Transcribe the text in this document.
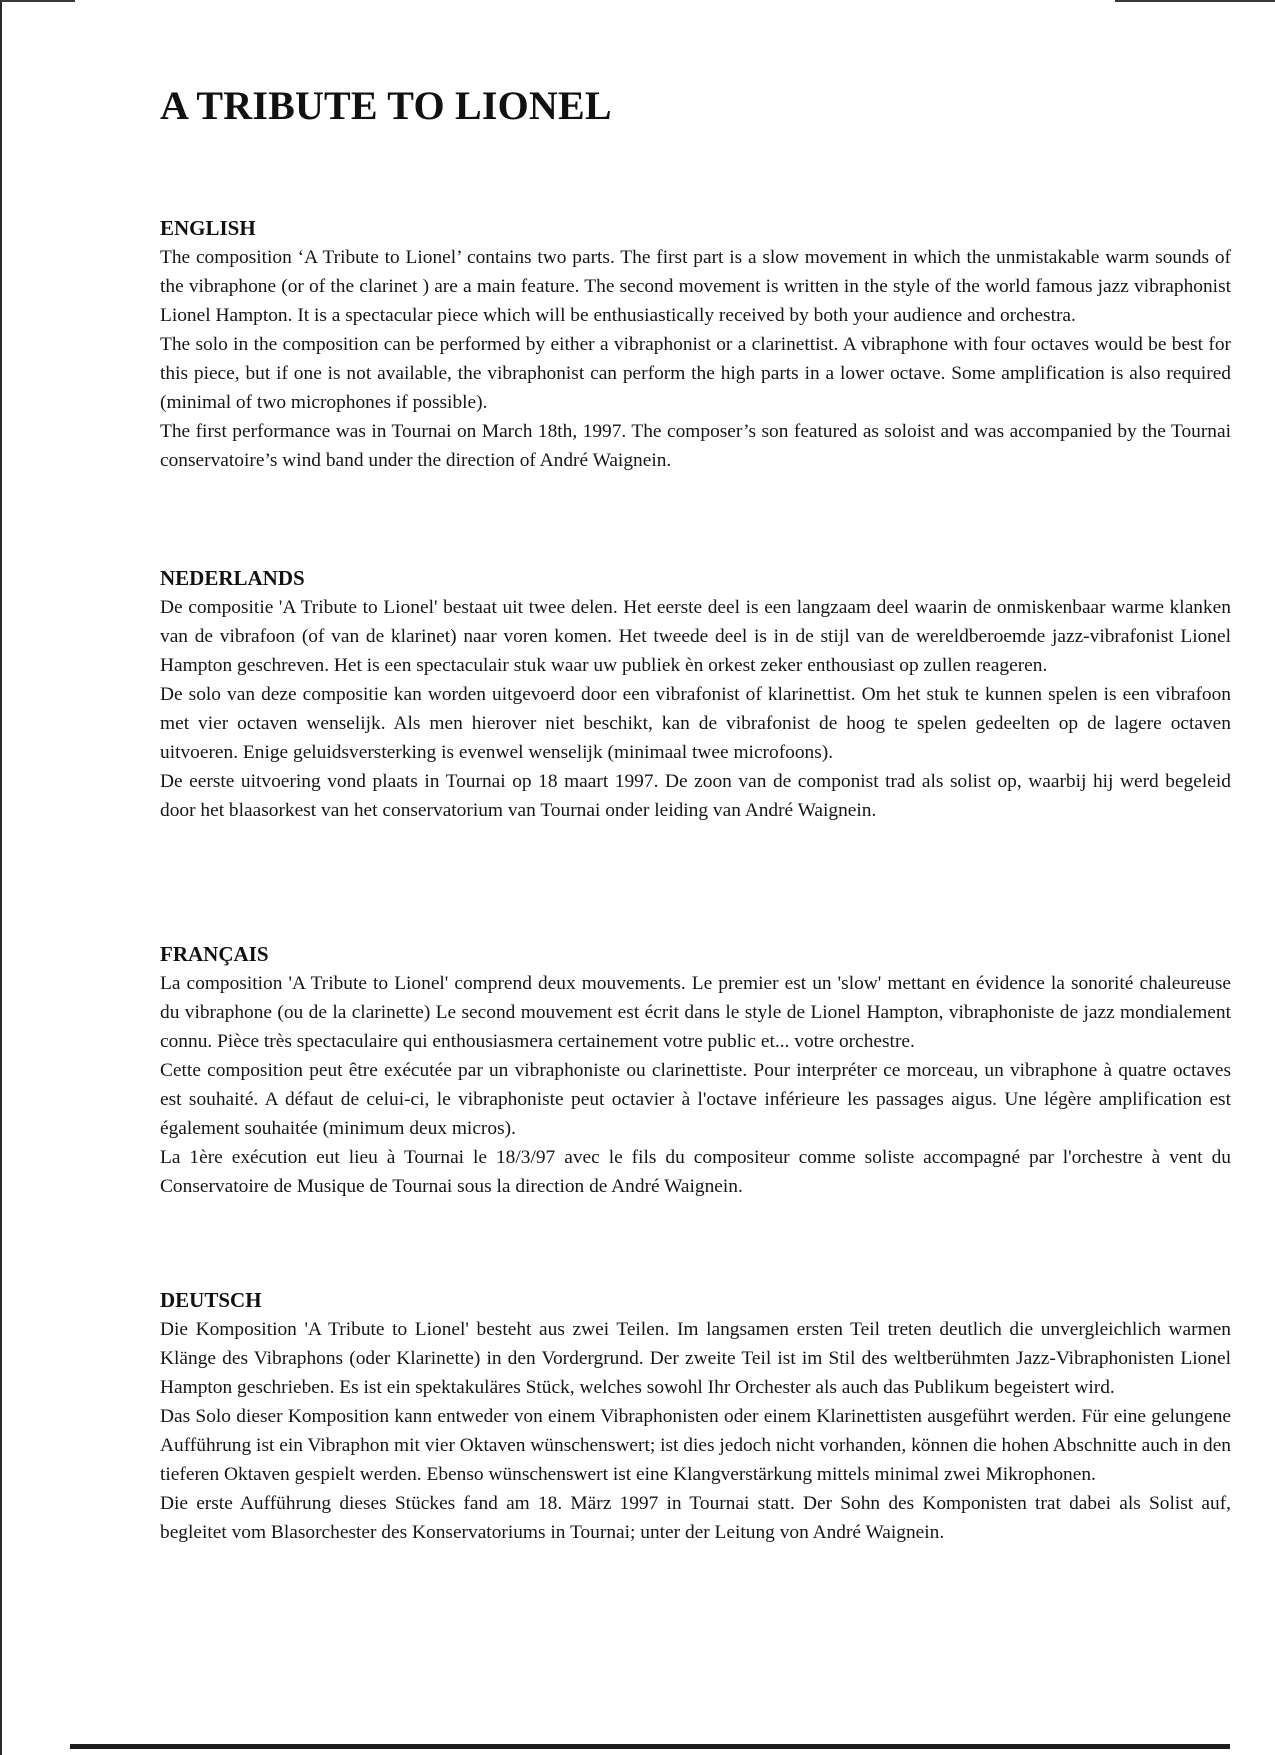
A TRIBUTE TO LIONEL
ENGLISH

The composition ‘A Tribute to Lionel’ contains two parts. The first part is a slow movement in which the unmistakable warm sounds of the vibraphone (or of the clarinet ) are a main feature. The second movement is written in the style of the world famous jazz vibraphonist Lionel Hampton. It is a spectacular piece which will be enthusiastically received by both your audience and orchestra.

The solo in the composition can be performed by either a vibraphonist or a clarinettist. A vibraphone with four octaves would be best for this piece, but if one is not available, the vibraphonist can perform the high parts in a lower octave. Some amplification is also required (minimal of two microphones if possible).

The first performance was in Tournai on March 18th, 1997. The composer’s son featured as soloist and was accompanied by the Tournai conservatoire’s wind band under the direction of André Waignein.

NEDERLANDS

De compositie 'A Tribute to Lionel' bestaat uit twee delen. Het eerste deel is een langzaam deel waarin de onmiskenbaar warme klanken van de vibrafoon (of van de klarinet) naar voren komen. Het tweede deel is in de stijl van de wereldberoemde jazz-vibrafonist Lionel Hampton geschreven. Het is een spectaculair stuk waar uw publiek èn orkest zeker enthousiast op zullen reageren.

De solo van deze compositie kan worden uitgevoerd door een vibrafonist of klarinettist. Om het stuk te kunnen spelen is een vibrafoon met vier octaven wenselijk. Als men hierover niet beschikt, kan de vibrafonist de hoog te spelen gedeelten op de lagere octaven uitvoeren. Enige geluidsversterking is evenwel wenselijk (minimaal twee microfoons).

De eerste uitvoering vond plaats in Tournai op 18 maart 1997. De zoon van de componist trad als solist op, waarbij hij werd begeleid door het blaasorkest van het conservatorium van Tournai onder leiding van André Waignein.

FRANÇAIS

La composition 'A Tribute to Lionel' comprend deux mouvements. Le premier est un 'slow' mettant en évidence la sonorité chaleureuse du vibraphone (ou de la clarinette) Le second mouvement est écrit dans le style de Lionel Hampton, vibraphoniste de jazz mondialement connu. Pièce très spectaculaire qui enthousiasmera certainement votre public et... votre orchestre.

Cette composition peut être exécutée par un vibraphoniste ou clarinettiste. Pour interpréter ce morceau, un vibraphone à quatre octaves est souhaité. A défaut de celui-ci, le vibraphoniste peut octavier à l'octave inférieure les passages aigus. Une légère amplification est également souhaitée (minimum deux micros).

La 1ère exécution eut lieu à Tournai le 18/3/97 avec le fils du compositeur comme soliste accompagné par l'orchestre à vent du Conservatoire de Musique de Tournai sous la direction de André Waignein.

DEUTSCH

Die Komposition 'A Tribute to Lionel' besteht aus zwei Teilen. Im langsamen ersten Teil treten deutlich die unvergleichlich warmen Klänge des Vibraphons (oder Klarinette) in den Vordergrund. Der zweite Teil ist im Stil des weltberühmten Jazz-Vibraphonisten Lionel Hampton geschrieben. Es ist ein spektakuläres Stück, welches sowohl Ihr Orchester als auch das Publikum begeistert wird.

Das Solo dieser Komposition kann entweder von einem Vibraphonisten oder einem Klarinettisten ausgeführt werden. Für eine gelungene Aufführung ist ein Vibraphon mit vier Oktaven wünschenswert; ist dies jedoch nicht vorhanden, können die hohen Abschnitte auch in den tieferen Oktaven gespielt werden. Ebenso wünschenswert ist eine Klangverstärkung mittels minimal zwei Mikrophonen.

Die erste Aufführung dieses Stückes fand am 18. März 1997 in Tournai statt. Der Sohn des Komponisten trat dabei als Solist auf, begleitet vom Blasorchester des Konservatoriums in Tournai; unter der Leitung von André Waignein.
